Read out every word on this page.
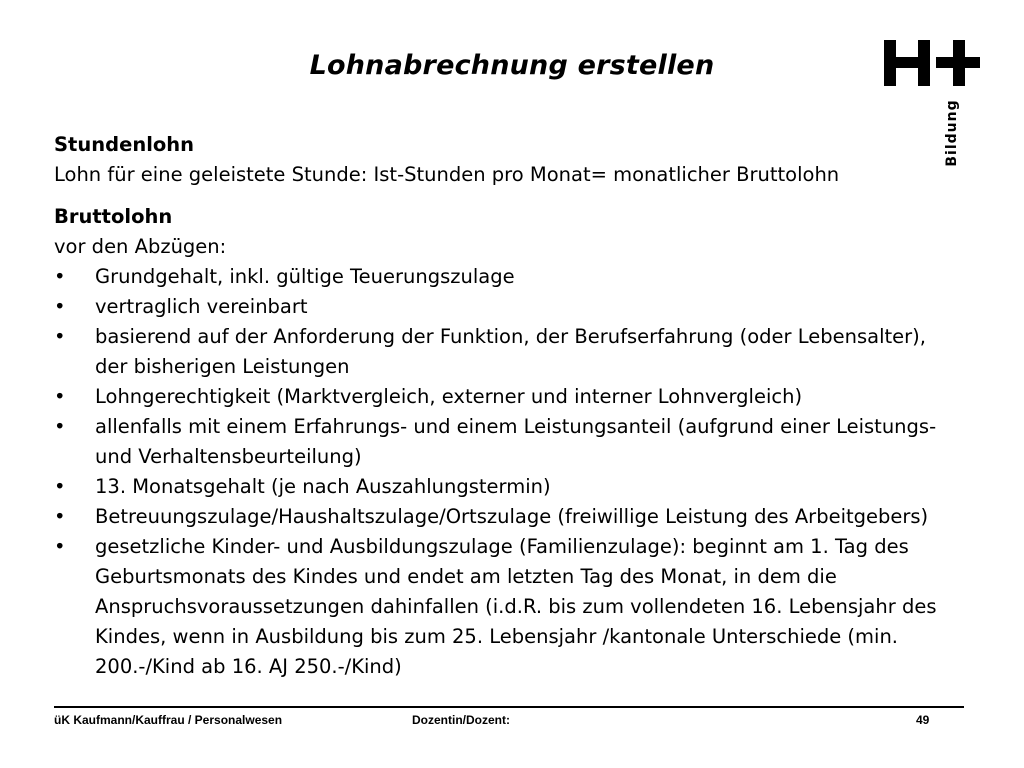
Lohnabrechnung erstellen
Bildung
Stundenlohn
Lohn für eine geleistete Stunde: Ist-Stunden pro Monat= monatlicher Bruttolohn
Bruttolohn
vor den Abzügen:
• Grundgehalt, inkl. gültige Teuerungszulage
• vertraglich vereinbart
• basierend auf der Anforderung der Funktion, der Berufserfahrung (oder Lebensalter),
der bisherigen Leistungen
• Lohngerechtigkeit (Marktvergleich, externer und interner Lohnvergleich)
• allenfalls mit einem Erfahrungs- und einem Leistungsanteil (aufgrund einer Leistungs-
und Verhaltensbeurteilung)
• 13. Monatsgehalt (je nach Auszahlungstermin)
• Betreuungszulage/Haushaltszulage/Ortszulage (freiwillige Leistung des Arbeitgebers)
• gesetzliche Kinder- und Ausbildungszulage (Familienzulage): beginnt am 1. Tag des
Geburtsmonats des Kindes und endet am letzten Tag des Monat, in dem die
Anspruchsvoraussetzungen dahinfallen (i.d.R. bis zum vollendeten 16. Lebensjahr des
Kindes, wenn in Ausbildung bis zum 25. Lebensjahr /kantonale Unterschiede (min.
200.-/Kind ab 16. AJ 250.-/Kind)
üK Kaufmann/Kauffrau / Personalwesen	Dozentin/Dozent:	49
